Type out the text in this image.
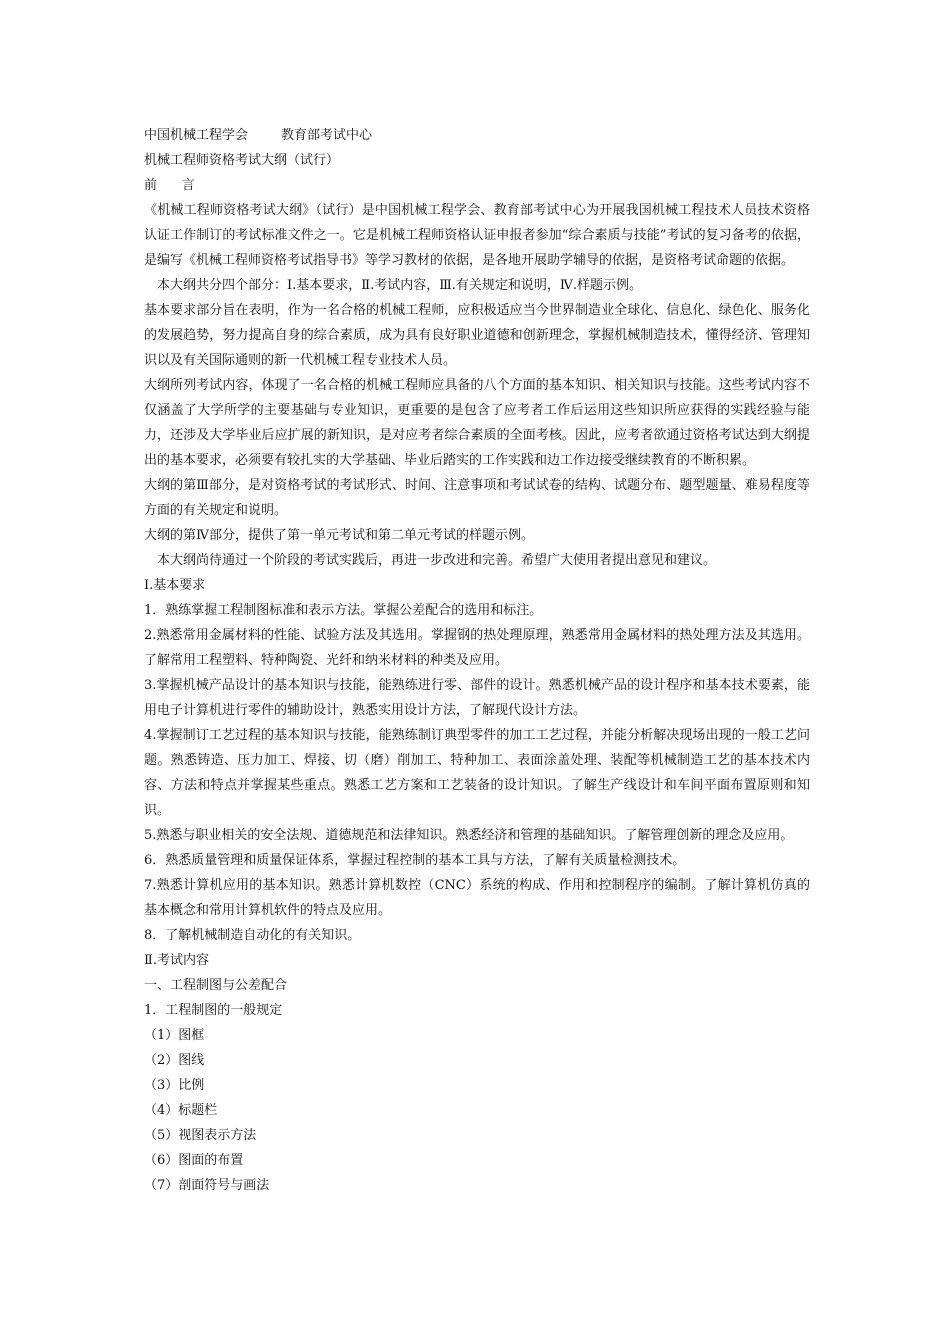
中国机械工程学会        教育部考试中心

机械工程师资格考试大纲（试行）

前      言

《机械工程师资格考试大纲》（试行）是中国机械工程学会、教育部考试中心为开展我国机械工程技术人员技术资格认证工作制订的考试标准文件之一。它是机械工程师资格认证申报者参加“综合素质与技能”考试的复习备考的依据，是编写《机械工程师资格考试指导书》等学习教材的依据，是各地开展助学辅导的依据，是资格考试命题的依据。

本大纲共分四个部分：Ⅰ.基本要求，Ⅱ.考试内容，Ⅲ.有关规定和说明，Ⅳ.样题示例。

基本要求部分旨在表明，作为一名合格的机械工程师，应积极适应当今世界制造业全球化、信息化、绿色化、服务化的发展趋势，努力提高自身的综合素质，成为具有良好职业道德和创新理念，掌握机械制造技术，懂得经济、管理知识以及有关国际通则的新一代机械工程专业技术人员。

大纲所列考试内容，体现了一名合格的机械工程师应具备的八个方面的基本知识、相关知识与技能。这些考试内容不仅涵盖了大学所学的主要基础与专业知识，更重要的是包含了应考者工作后运用这些知识所应获得的实践经验与能力，还涉及大学毕业后应扩展的新知识，是对应考者综合素质的全面考核。因此，应考者欲通过资格考试达到大纲提出的基本要求，必须要有较扎实的大学基础、毕业后踏实的工作实践和边工作边接受继续教育的不断积累。

大纲的第Ⅲ部分，是对资格考试的考试形式、时间、注意事项和考试试卷的结构、试题分布、题型题量、难易程度等方面的有关规定和说明。

大纲的第Ⅳ部分，提供了第一单元考试和第二单元考试的样题示例。

本大纲尚待通过一个阶段的考试实践后，再进一步改进和完善。希望广大使用者提出意见和建议。

Ⅰ.基本要求

1．熟练掌握工程制图标准和表示方法。掌握公差配合的选用和标注。

2.熟悉常用金属材料的性能、试验方法及其选用。掌握钢的热处理原理，熟悉常用金属材料的热处理方法及其选用。了解常用工程塑料、特种陶瓷、光纤和纳米材料的种类及应用。

3.掌握机械产品设计的基本知识与技能，能熟练进行零、部件的设计。熟悉机械产品的设计程序和基本技术要素，能用电子计算机进行零件的辅助设计，熟悉实用设计方法，了解现代设计方法。

4.掌握制订工艺过程的基本知识与技能，能熟练制订典型零件的加工工艺过程，并能分析解决现场出现的一般工艺问题。熟悉铸造、压力加工、焊接、切（磨）削加工、特种加工、表面涂盖处理、装配等机械制造工艺的基本技术内容、方法和特点并掌握某些重点。熟悉工艺方案和工艺装备的设计知识。了解生产线设计和车间平面布置原则和知识。

5.熟悉与职业相关的安全法规、道德规范和法律知识。熟悉经济和管理的基础知识。了解管理创新的理念及应用。

6．熟悉质量管理和质量保证体系，掌握过程控制的基本工具与方法，了解有关质量检测技术。

7.熟悉计算机应用的基本知识。熟悉计算机数控（CNC）系统的构成、作用和控制程序的编制。了解计算机仿真的基本概念和常用计算机软件的特点及应用。

8．了解机械制造自动化的有关知识。

Ⅱ.考试内容

一、工程制图与公差配合

1．工程制图的一般规定

（1）图框

（2）图线

（3）比例

（4）标题栏

（5）视图表示方法

（6）图面的布置

（7）剖面符号与画法
